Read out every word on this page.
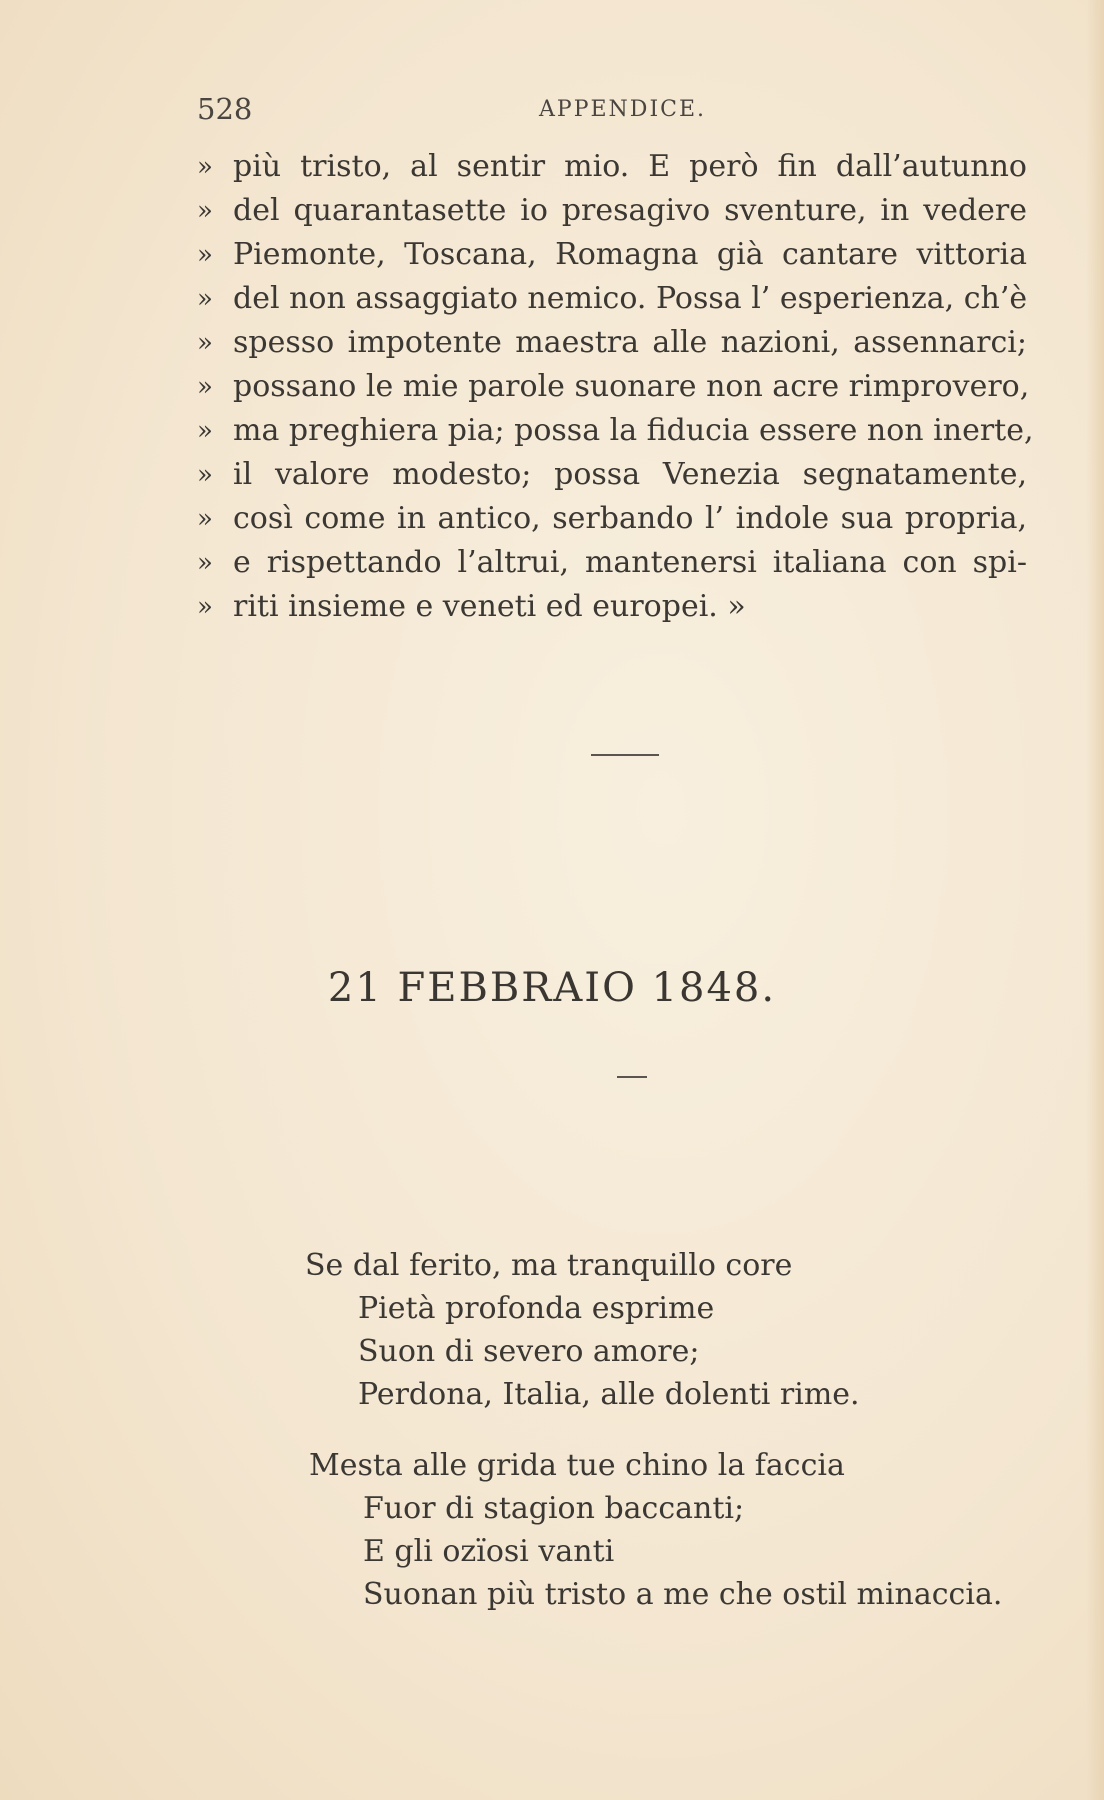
528	APPENDICE.
» più tristo, al sentir mio. E però fin dall’autunno
» del quarantasette io presagivo sventure, in vedere
» Piemonte, Toscana, Romagna già cantare vittoria
» del non assaggiato nemico. Possa l’ esperienza, ch’è
» spesso impotente maestra alle nazioni, assennarci;
» possano le mie parole suonare non acre rimprovero,
» ma preghiera pia; possa la fiducia essere non inerte,
» il valore modesto; possa Venezia segnatamente,
» così come in antico, serbando l’ indole sua propria,
» e rispettando l’altrui, mantenersi italiana con spi-
» riti insieme e veneti ed europei. »
21 FEBBRAIO 1848.
Se dal ferito, ma tranquillo core
Pietà profonda esprime
Suon di severo amore;
Perdona, Italia, alle dolenti rime.
Mesta alle grida tue chino la faccia
Fuor di stagion baccanti;
E gli ozïosi vanti
Suonan più tristo a me che ostil minaccia.
